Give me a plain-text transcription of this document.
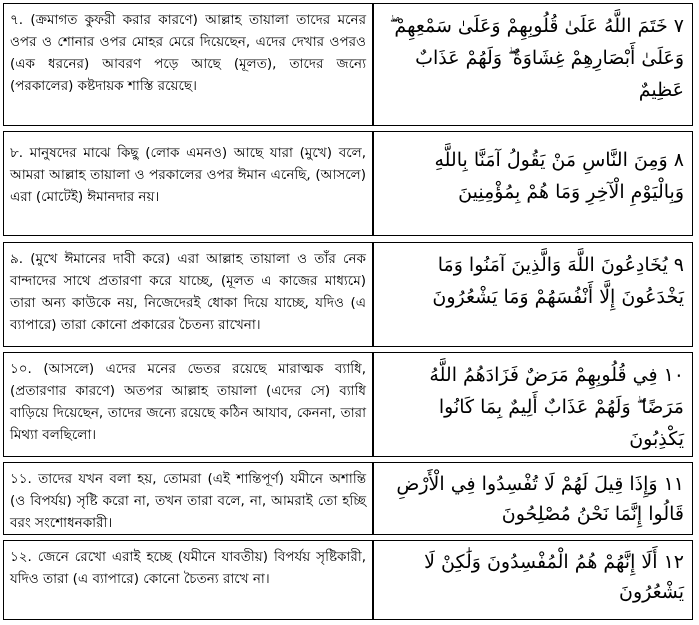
৭. (ক্রমাগত কুফরী করার কারণে) আল্লাহ তায়ালা তাদের মনের ওপর ও শোনার ওপর মোহর মেরে দিয়েছেন, এদের দেখার ওপরও (এক ধরনের) আবরণ পড়ে আছে (মূলত), তাদের জন্যে (পরকালের) কষ্টদায়ক শাস্তি রয়েছে।
٧ خَتَمَ اللَّهُ عَلَىٰ قُلُوبِهِمْ وَعَلَىٰ سَمْعِهِمْ ۖ وَعَلَىٰ أَبْصَارِهِمْ غِشَاوَةٌ ۖ وَلَهُمْ عَذَابٌ عَظِيمٌ
৮. মানুষদের মাঝে কিছু (লোক এমনও) আছে যারা (মুখে) বলে, আমরা আল্লাহ তায়ালা ও পরকালের ওপর ঈমান এনেছি, (আসলে) এরা (মোটেই) ঈমানদার নয়।
٨ وَمِنَ النَّاسِ مَنْ يَقُولُ آمَنَّا بِاللَّهِ وَبِالْيَوْمِ الْآخِرِ وَمَا هُمْ بِمُؤْمِنِينَ
৯. (মুখে ঈমানের দাবী করে) এরা আল্লাহ তায়ালা ও তাঁর নেক বান্দাদের সাথে প্রতারণা করে যাচ্ছে, (মূলত এ কাজের মাধ্যমে) তারা অন্য কাউকে নয়, নিজেদেরই ধোকা দিয়ে যাচ্ছে, যদিও (এ ব্যাপারে) তারা কোনো প্রকারের চৈতন্য রাখেনা।
٩ يُخَادِعُونَ اللَّهَ وَالَّذِينَ آمَنُوا وَمَا يَخْدَعُونَ إِلَّا أَنْفُسَهُمْ وَمَا يَشْعُرُونَ
১০. (আসলে) এদের মনের ভেতর রয়েছে মারাত্মক ব্যাধি, (প্রতারণার কারণে) অতপর আল্লাহ তায়ালা (এদের সে) ব্যাধি বাড়িয়ে দিয়েছেন, তাদের জন্যে রয়েছে কঠিন আযাব, কেননা, তারা মিথ্যা বলছিলো।
١٠ فِي قُلُوبِهِمْ مَرَضٌ فَزَادَهُمُ اللَّهُ مَرَضًا ۖ وَلَهُمْ عَذَابٌ أَلِيمٌ بِمَا كَانُوا يَكْذِبُونَ
১১. তাদের যখন বলা হয়, তোমরা (এই শান্তিপূর্ণ) যমীনে অশান্তি (ও বিপর্যয়) সৃষ্টি করো না, তখন তারা বলে, না, আমরাই তো হচ্ছি বরং সংশোধনকারী।
١١ وَإِذَا قِيلَ لَهُمْ لَا تُفْسِدُوا فِي الْأَرْضِ قَالُوا إِنَّمَا نَحْنُ مُصْلِحُونَ
১২. জেনে রেখো এরাই হচ্ছে (যমীনে যাবতীয়) বিপর্যয় সৃষ্টিকারী, যদিও তারা (এ ব্যাপারে) কোনো চৈতন্য রাখে না।
١٢ أَلَا إِنَّهُمْ هُمُ الْمُفْسِدُونَ وَلَٰكِنْ لَا يَشْعُرُونَ
